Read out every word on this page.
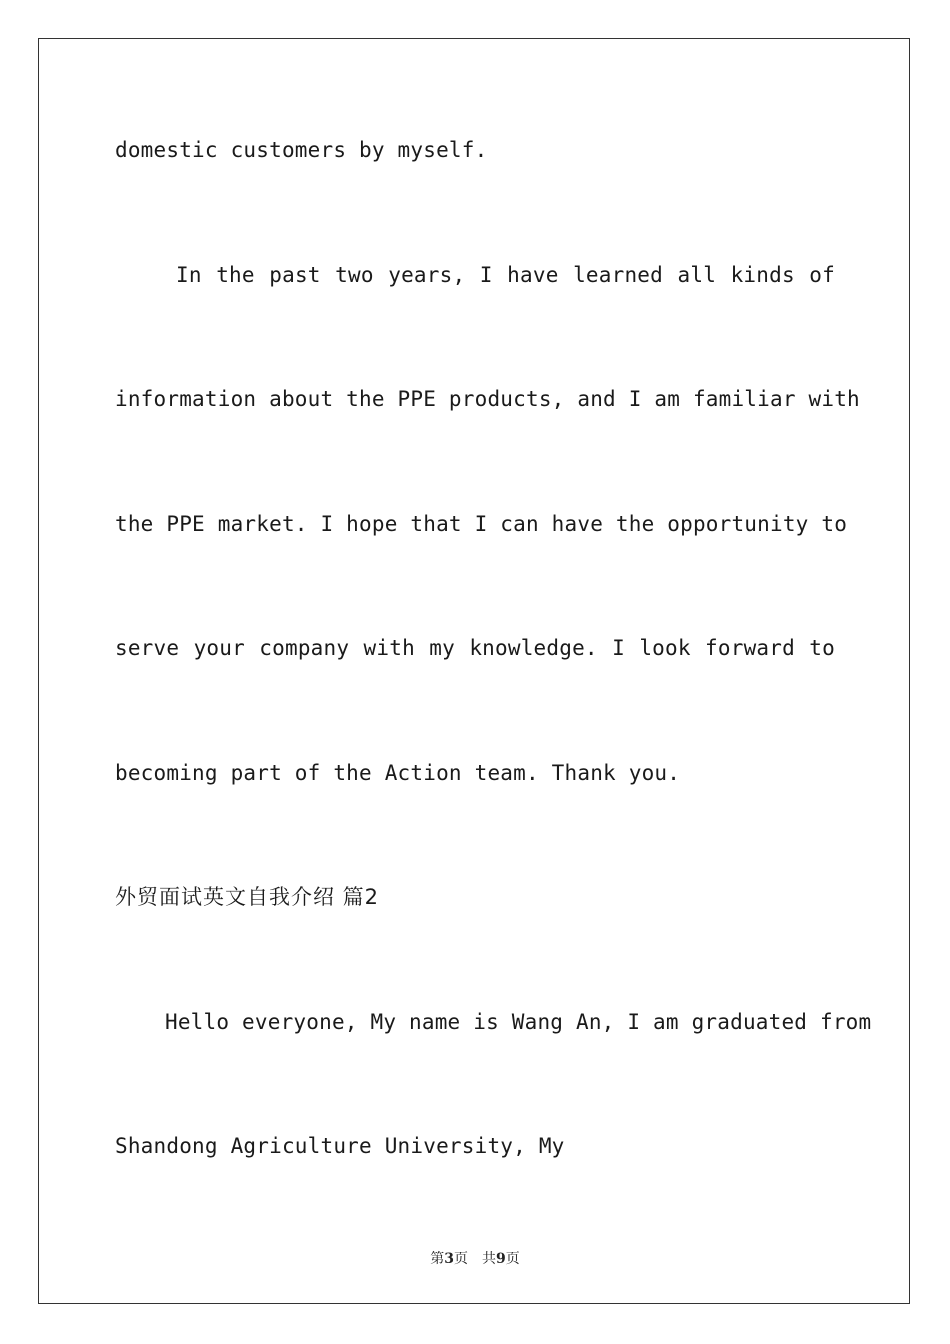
domestic customers by myself.
In the past two years, I have learned all kinds of
information about the PPE products, and I am familiar with
the PPE market. I hope that I can have the opportunity to
serve your company with my knowledge. I look forward to
becoming part of the Action team. Thank you.
外贸面试英文自我介绍 篇2
Hello everyone, My name is Wang An, I am graduated from
Shandong Agriculture University, My
第3页　共9页
